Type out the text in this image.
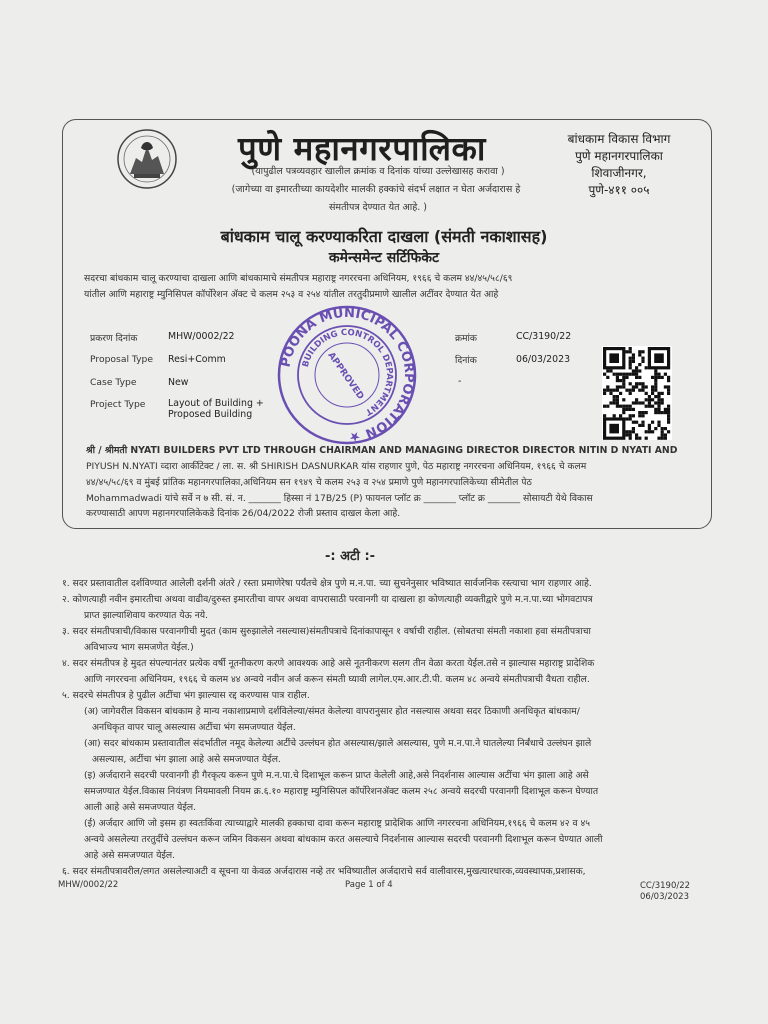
पुणे महानगरपालिका
(यापुढील पत्रव्यवहार खालील क्रमांक व दिनांक यांच्या उल्लेखासह करावा )
(जागेच्या वा इमारतीच्या कायदेशीर मालकी हक्कांचे संदर्भ लक्षात न घेता अर्जदारास हे
संमतीपत्र देण्यात येत आहे. )
बांधकाम विकास विभाग
पुणे महानगरपालिका
शिवाजीनगर,
पुणे-४११ ००५
बांधकाम चालू करण्याकरिता दाखला (संमती नकाशासह)
कमेन्समेन्ट सर्टिफिकेट
सदरचा बांधकाम चालू करण्याचा दाखला आणि बांधकामाचे संमतीपत्र महाराष्ट्र नगररचना अधिनियम, १९६६ चे कलम ४४/४५/५८/६९
यांतील आणि महाराष्ट्र म्युनिसिपल कॉर्पोरेशन ॲक्ट चे कलम २५३ व २५४ यांतील तरतुदीप्रमाणे खालील अटींवर देण्यात येत आहे
प्रकरण दिनांक	MHW/0002/22	क्रमांक	CC/3190/22
Proposal Type Resi+Comm	दिनांक	06/03/2023
Case Type	New	-
Project Type Layout of Building +
Proposed Building
POONA MUNICIPAL CORPORATION ★
BUILDING CONTROL DEPARTMENT
APPROVED
श्री / श्रीमती NYATI BUILDERS PVT LTD THROUGH CHAIRMAN AND MANAGING DIRECTOR DIRECTOR NITIN D NYATI AND
PIYUSH N.NYATI व्दारा आर्कीटेक्ट / ला. स. श्री SHIRISH DASNURKAR यांस राहणार पुणे, पेठ महाराष्ट्र नगररचना अधिनियम, १९६६ चे कलम
४४/४५/५८/६९ व मुंबई प्रांतिक महानगरपालिका,अधिनियम सन १९४९ चे कलम २५३ व २५४ प्रमाणे पुणे महानगरपालिकेच्या सीमेतील पेठ
Mohammadwadi यांचे सर्वे न ७ सी. सं. न. _______ हिस्सा नं 17B/25 (P) फायनल प्लॉट क्र _______ प्लॉट क्र _______ सोसायटी येथे विकास
करण्यासाठी आपण महानगरपालिकेकडे दिनांक 26/04/2022 रोजी प्रस्ताव दाखल केला आहे.
-: अटी :-
१. सदर प्रस्तावातील दर्शविण्यात आलेली दर्शनी अंतरे / रस्ता प्रमाणेरेषा पर्यंतचे क्षेत्र पुणे म.न.पा. च्या सुचनेनुसार भविष्यात सार्वजनिक रस्त्याचा भाग राहणार आहे.
२. कोणत्याही नवीन इमारतीचा अथवा वाढीव/दुरुस्त इमारतीचा वापर अथवा वापरासाठी परवानगी या दाखला हा कोणत्याही व्यक्तीद्वारे पुणे म.न.पा.च्या भोगवटापत्र
प्राप्त झाल्याशिवाय करण्यात येऊ नये.
३. सदर संमतीपत्राची/विकास परवानगीची मुदत (काम सुरुझालेले नसल्यास)संमतीपत्राचे दिनांकापासून १ वर्षाची राहील. (सोबतचा संमती नकाशा हवा संमतीपत्राचा
अविभाज्य भाग समजणेत येईल.)
४. सदर संमतीपत्र हे मुदत संपल्यानंतर प्रत्येक वर्षी नूतनीकरण करणे आवश्यक आहे असे नूतनीकरण सलग तीन वेळा करता येईल.तसे न झाल्यास महाराष्ट्र प्रादेशिक
आणि नगररचना अधिनियम, १९६६ चे कलम ४४ अन्वये नवीन अर्ज करून संमती घ्यावी लागेल.एम.आर.टी.पी. कलम ४८ अन्वये संमतीपत्राची वैधता राहील.
५. सदरचे संमतीपत्र हे पुढील अटींचा भंग झाल्यास रद्द करण्यास पात्र राहील.
(अ) जागेवरील विकसन बांधकाम हे मान्य नकाशाप्रमाणे दर्शविलेल्या/संमत केलेल्या वापरानुसार होत नसल्यास अथवा सदर ठिकाणी अनधिकृत बांधकाम/
अनधिकृत वापर चालू असल्यास अटींचा भंग समजण्यात येईल.
(आ) सदर बांधकाम प्रस्तावातील संदर्भातील नमूद केलेल्या अटींचे उल्लंघन होत असल्यास/झाले असल्यास, पुणे म.न.पा.ने घातलेल्या निर्बंधाचे उल्लंघन झाले
असल्यास, अटींचा भंग झाला आहे असे समजण्यात येईल.
(इ) अर्जदाराने सदरची परवानगी ही गैरकृत्य करून पुणे म.न.पा.चे दिशाभूल करून प्राप्त केलेली आहे,असे निदर्शनास आल्यास अटींचा भंग झाला आहे असे
समजण्यात येईल.विकास नियंत्रण नियमावली नियम क्र.६.१० महाराष्ट्र म्युनिसिपल कॉर्पोरेशनॲक्ट कलम २५८ अन्वये सदरची परवानगी दिशाभूल करून घेण्यात
आली आहे असे समजण्यात येईल.
(ई) अर्जदार आणि जो इसम हा स्वतःकिंवा त्याच्याद्वारे मालकी हक्काचा दावा करून महाराष्ट्र प्रादेशिक आणि नगररचना अधिनियम,१९६६ चे कलम ४२ व ४५
अन्वये असलेल्या तरतुदींचे उल्लंघन करून जमिन विकसन अथवा बांधकाम करत असल्याचे निदर्शनास आल्यास सदरची परवानगी दिशाभूल करून घेण्यात आली
आहे असे समजण्यात येईल.
६. सदर संमतीपत्रावरील/लगत असलेल्याअटी व सूचना या केवळ अर्जदारास नव्हे तर भविष्यातील अर्जदाराचे सर्व वालीवारस,मुखत्यारधारक,व्यवस्थापक,प्रशासक,
MHW/0002/22	Page 1 of 4	CC/3190/22
06/03/2023
